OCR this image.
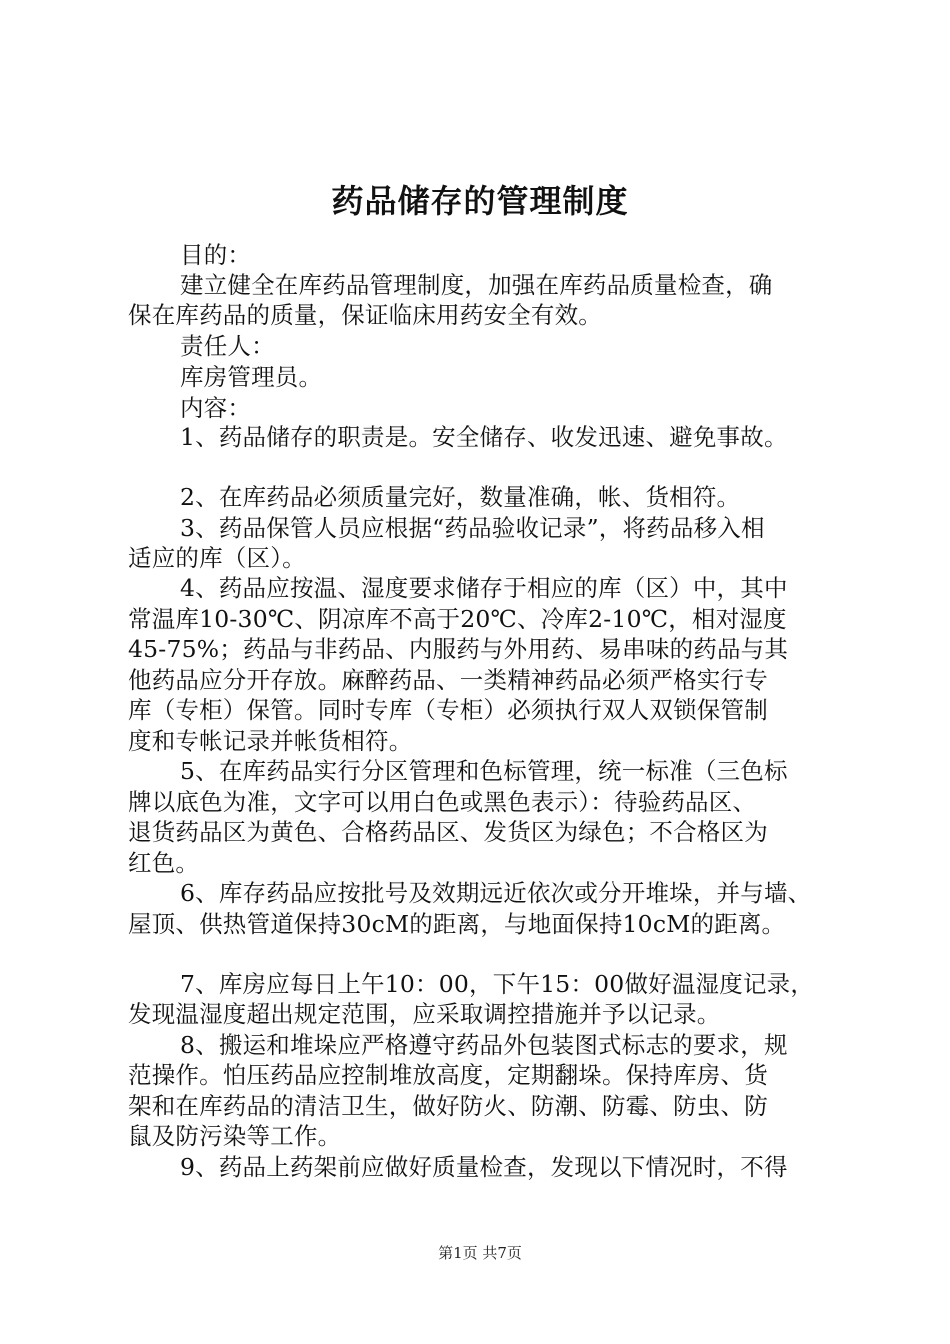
药品储存的管理制度
目的：
建立健全在库药品管理制度，加强在库药品质量检查，确
保在库药品的质量，保证临床用药安全有效。
责任人：
库房管理员。
内容：
1、药品储存的职责是。安全储存、收发迅速、避免事故。
2、在库药品必须质量完好，数量准确，帐、货相符。
3、药品保管人员应根据“药品验收记录”，将药品移入相
适应的库（区）。
4、药品应按温、湿度要求储存于相应的库（区）中，其中
常温库10-30℃、阴凉库不高于20℃、冷库2-10℃，相对湿度
45-75%；药品与非药品、内服药与外用药、易串味的药品与其
他药品应分开存放。麻醉药品、一类精神药品必须严格实行专
库（专柜）保管。同时专库（专柜）必须执行双人双锁保管制
度和专帐记录并帐货相符。
5、在库药品实行分区管理和色标管理，统一标准（三色标
牌以底色为准，文字可以用白色或黑色表示）：待验药品区、
退货药品区为黄色、合格药品区、发货区为绿色；不合格区为
红色。
6、库存药品应按批号及效期远近依次或分开堆垛，并与墙、
屋顶、供热管道保持30cM的距离，与地面保持10cM的距离。
7、库房应每日上午10：00，下午15：00做好温湿度记录，
发现温湿度超出规定范围，应采取调控措施并予以记录。
8、搬运和堆垛应严格遵守药品外包装图式标志的要求，规
范操作。怕压药品应控制堆放高度，定期翻垛。保持库房、货
架和在库药品的清洁卫生，做好防火、防潮、防霉、防虫、防
鼠及防污染等工作。
9、药品上药架前应做好质量检查，发现以下情况时，不得
第1页 共7页
